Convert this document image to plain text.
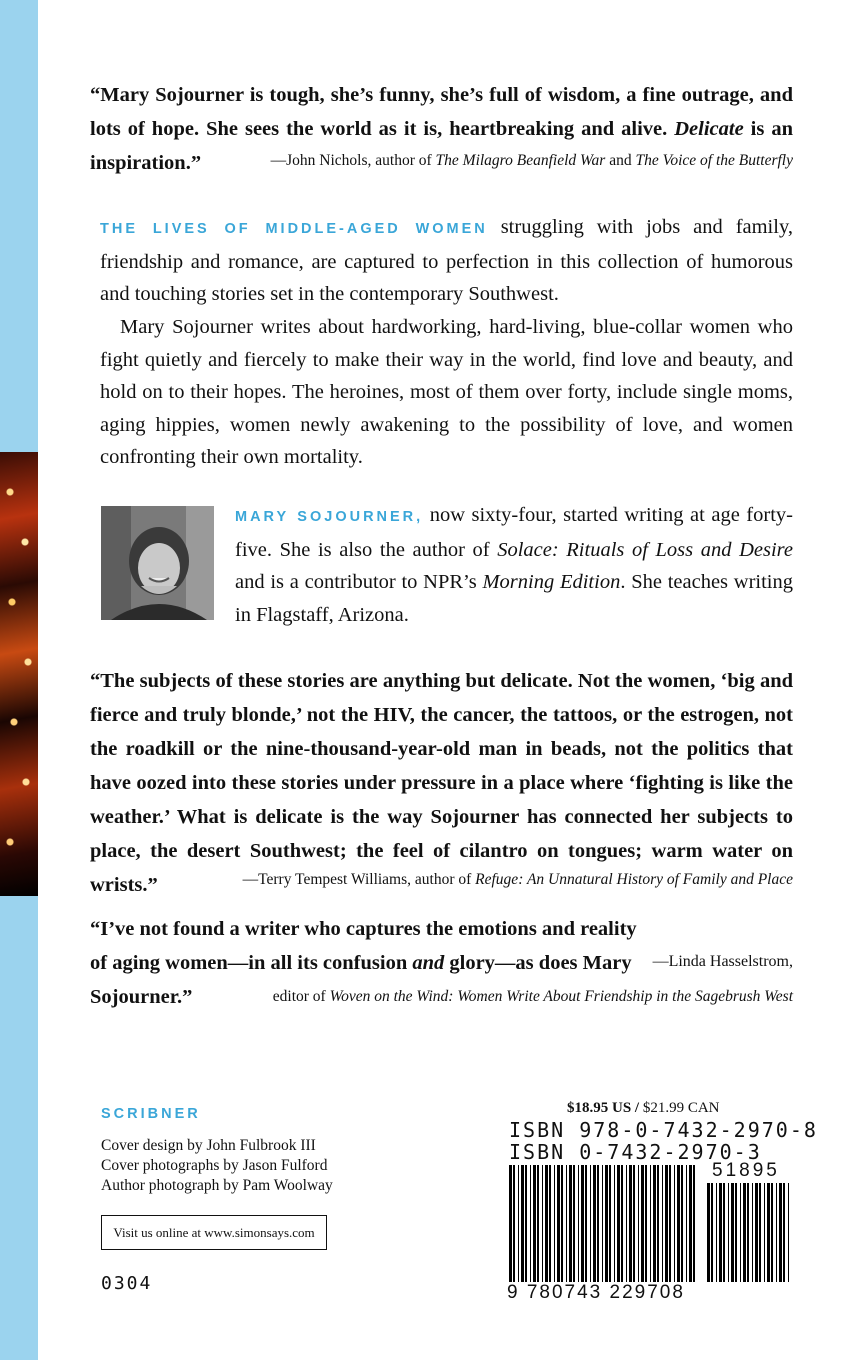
“Mary Sojourner is tough, she’s funny, she’s full of wisdom, a fine outrage, and lots of hope. She sees the world as it is, heartbreaking and alive. Delicate is an inspiration.”	—John Nichols, author of The Milagro Beanfield War and The Voice of the Butterfly

THE LIVES OF MIDDLE-AGED WOMEN struggling with jobs and family, friendship and romance, are captured to perfection in this collection of humorous and touching stories set in the contemporary Southwest.

Mary Sojourner writes about hardworking, hard-living, blue-collar women who fight quietly and fiercely to make their way in the world, find love and beauty, and hold on to their hopes. The heroines, most of them over forty, include single moms, aging hippies, women newly awakening to the possibility of love, and women confronting their own mortality.

MARY SOJOURNER, now sixty-four, started writing at age forty-five. She is also the author of Solace: Rituals of Loss and Desire and is a contributor to NPR’s Morning Edition. She teaches writing in Flagstaff, Arizona.

“The subjects of these stories are anything but delicate. Not the women, ‘big and fierce and truly blonde,’ not the HIV, the cancer, the tattoos, or the estrogen, not the roadkill or the nine-thousand-year-old man in beads, not the politics that have oozed into these stories under pressure in a place where ‘fighting is like the weather.’ What is delicate is the way Sojourner has connected her subjects to place, the desert Southwest; the feel of cilantro on tongues; warm water on wrists.”	—Terry Tempest Williams, author of Refuge: An Unnatural History of Family and Place

“I’ve not found a writer who captures the emotions and reality of aging women—in all its confusion and glory—as does Mary Sojourner.”

—Linda Hasselstrom,

editor of Woven on the Wind: Women Write About Friendship in the Sagebrush West

SCRIBNER
Cover design by John Fulbrook III
Cover photographs by Jason Fulford
Author photograph by Pam Woolway
Visit us online at www.simonsays.com
0304
$18.95 US / $21.99 CAN
ISBN 978-0-7432-2970-8
ISBN 0-7432-2970-3
9 780743 229708
51895
